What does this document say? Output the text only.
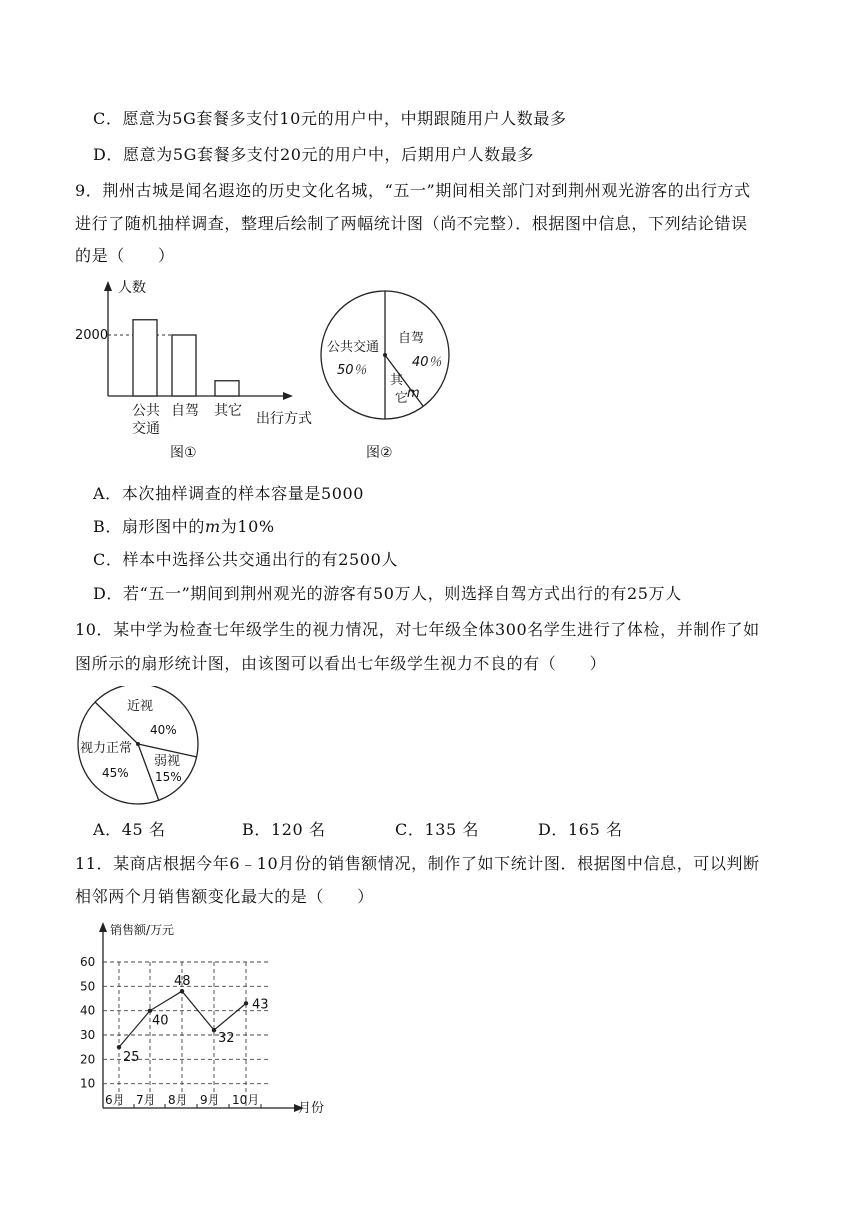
C．愿意为5G套餐多支付10元的用户中，中期跟随用户人数最多
D．愿意为5G套餐多支付20元的用户中，后期用户人数最多
9．荆州古城是闻名遐迩的历史文化名城，“五一”期间相关部门对到荆州观光游客的出行方式
进行了随机抽样调查，整理后绘制了两幅统计图（尚不完整）．根据图中信息，下列结论错误
的是（　　）
人数
2000
公共
交通
自驾 其它 出行方式
图①
公共交通
50％
自驾
40％
其
它
m
图②
A．本次抽样调查的样本容量是5000
B．扇形图中的m为10%
C．样本中选择公共交通出行的有2500人
D．若“五一”期间到荆州观光的游客有50万人，则选择自驾方式出行的有25万人
10．某中学为检查七年级学生的视力情况，对七年级全体300名学生进行了体检，并制作了如
图所示的扇形统计图，由该图可以看出七年级学生视力不良的有（　　）
近视
40%
弱视
15%
视力正常
45%
A．45 名	B．120 名	C．135 名	D．165 名
11．某商店根据今年6﹣10月份的销售额情况，制作了如下统计图．根据图中信息，可以判断
相邻两个月销售额变化最大的是（　　）
销售额/万元
月份
10
20
30
40
50
60
6月 7月 8月 9月 10月
25
40
48
32
43
